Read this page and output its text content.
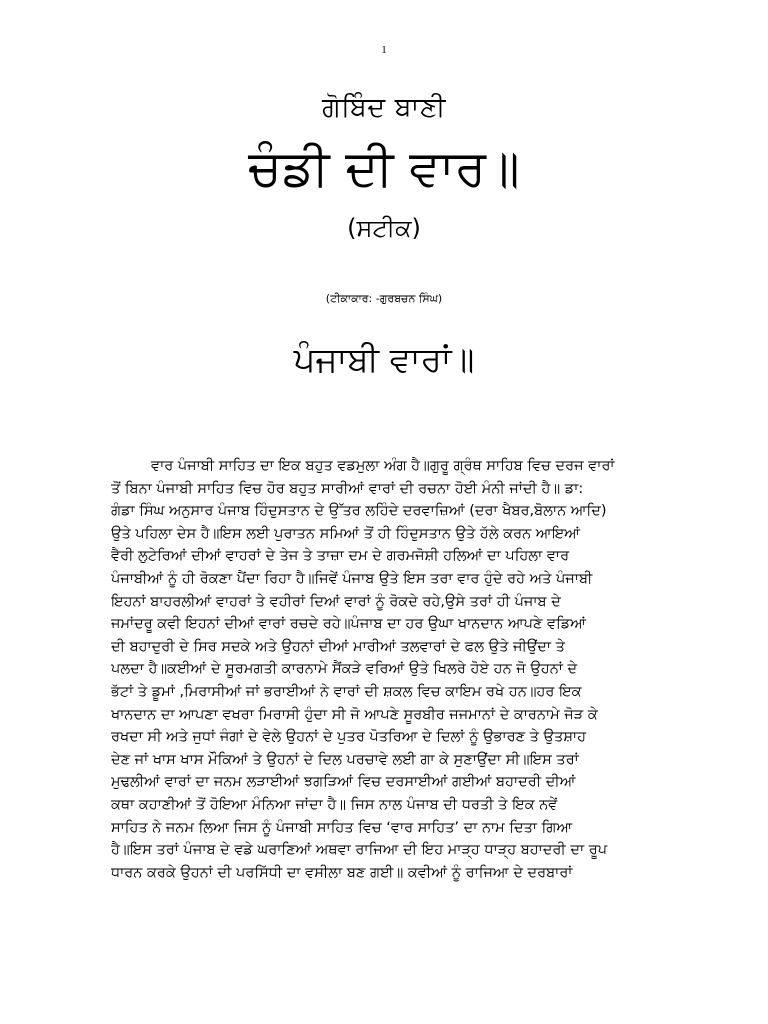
1
ਗੋਬਿੰਦ ਬਾਣੀ
ਚੰਡੀ ਦੀ ਵਾਰ॥
(ਸਟੀਕ)
(ਟੀਕਾਕਾਰ: -ਗੁਰਬਚਨ ਸਿੰਘ)
ਪੰਜਾਬੀ ਵਾਰਾਂ॥
ਵਾਰ ਪੰਜਾਬੀ ਸਾਹਿਤ ਦਾ ਇਕ ਬਹੁਤ ਵਡਮੁਲਾ ਅੰਗ ਹੈ॥ਗੁਰੂ ਗ੍ਰੰਥ ਸਾਹਿਬ ਵਿਚ ਦਰਜ ਵਾਰਾਂ
ਤੋਂ ਬਿਨਾ ਪੰਜਾਬੀ ਸਾਹਿਤ ਵਿਚ ਹੋਰ ਬਹੁਤ ਸਾਰੀਆਂ ਵਾਰਾਂ ਦੀ ਰਚਨਾ ਹੋਈ ਮੰਨੀ ਜਾਂਦੀ ਹੈ॥ ਡਾ:
ਗੰਡਾ ਸਿੰਘ ਅਨੁਸਾਰ ਪੰਜਾਬ ਹਿੰਦੁਸਤਾਨ ਦੇ ਉੱਤਰ ਲਹਿੰਦੇ ਦਰਵਾਜ਼ਿਆਂ (ਦਰਾ ਖੈਬਰ,ਬੋਲਾਨ ਆਦਿ)
ਉਤੇ ਪਹਿਲਾ ਦੇਸ ਹੈ॥ਇਸ ਲਈ ਪੁਰਾਤਨ ਸਮਿਆਂ ਤੋਂ ਹੀ ਹਿੰਦੁਸਤਾਨ ਉਤੇ ਹੱਲੇ ਕਰਨ ਆਇਆਂ
ਵੈਰੀ ਲੁਟੇਰਿਆਂ ਦੀਆਂ ਵਾਹਰਾਂ ਦੇ ਤੇਜ ਤੇ ਤਾਜ਼ਾ ਦਮ ਦੇ ਗਰਮਜੋਸ਼ੀ ਹਲਿਆਂ ਦਾ ਪਹਿਲਾ ਵਾਰ
ਪੰਜਾਬੀਆਂ ਨੂੰ ਹੀ ਰੋਕਣਾ ਪੈਂਦਾ ਰਿਹਾ ਹੈ॥ਜਿਵੇਂ ਪੰਜਾਬ ਉਤੇ ਇਸ ਤਰਾ ਵਾਰ ਹੁੰਦੇ ਰਹੇ ਅਤੇ ਪੰਜਾਬੀ
ਇਹਨਾਂ ਬਾਹਰਲੀਆਂ ਵਾਹਰਾਂ ਤੇ ਵਹੀਰਾਂ ਦਿਆਂ ਵਾਰਾਂ ਨੂੰ ਰੋਕਦੇ ਰਹੇ,ਉਸੇ ਤਰਾਂ ਹੀ ਪੰਜਾਬ ਦੇ
ਜਮਾਂਦਰੂ ਕਵੀ ਇਹਨਾਂ ਦੀਆਂ ਵਾਰਾਂ ਰਚਦੇ ਰਹੇ॥ਪੰਜਾਬ ਦਾ ਹਰ ਉਘਾ ਖਾਨਦਾਨ ਆਪਣੇ ਵਡਿਆਂ
ਦੀ ਬਹਾਦੁਰੀ ਦੇ ਸਿਰ ਸਦਕੇ ਅਤੇ ਉਹਨਾਂ ਦੀਆਂ ਮਾਰੀਆਂ ਤਲਵਾਰਾਂ ਦੇ ਫਲ ਉਤੇ ਜੀਉਂਦਾ ਤੇ
ਪਲਦਾ ਹੈ॥ਕਈਆਂ ਦੇ ਸੂਰਮਗਤੀ ਕਾਰਨਾਮੇ ਸੈਂਕੜੇ ਵਰਿਆਂ ਉਤੇ ਖਿਲਰੇ ਹੋਏ ਹਨ ਜੋ ਉਹਨਾਂ ਦੇ
ਭੱਟਾਂ ਤੇ ਡੂਮਾਂ ,ਮਿਰਾਸੀਆਂ ਜਾਂ ਭਰਾਈਆਂ ਨੇ ਵਾਰਾਂ ਦੀ ਸ਼ਕਲ ਵਿਚ ਕਾਇਮ ਰਖੇ ਹਨ॥ਹਰ ਇਕ
ਖਾਨਦਾਨ ਦਾ ਆਪਣਾ ਵਖਰਾ ਮਿਰਾਸੀ ਹੁੰਦਾ ਸੀ ਜੋ ਆਪਣੇ ਸੂਰਬੀਰ ਜਜਮਾਨਾਂ ਦੇ ਕਾਰਨਾਮੇ ਜੋੜ ਕੇ
ਰਖਦਾ ਸੀ ਅਤੇ ਜੁਧਾਂ ਜੰਗਾਂ ਦੇ ਵੇਲੇ ਉਹਨਾਂ ਦੇ ਪੁਤਰ ਪੋਤਰਿਆ ਦੇ ਦਿਲਾਂ ਨੂੰ ਉਭਾਰਣ ਤੇ ਉਤਸ਼ਾਹ
ਦੇਣ ਜਾਂ ਖਾਸ ਖਾਸ ਮੌਕਿਆਂ ਤੇ ਉਹਨਾਂ ਦੇ ਦਿਲ ਪਰਚਾਵੇ ਲਈ ਗਾ ਕੇ ਸੁਣਾਉਂਦਾ ਸੀ॥ਇਸ ਤਰਾਂ
ਮੁਢਲੀਆਂ ਵਾਰਾਂ ਦਾ ਜਨਮ ਲੜਾਈਆਂ ਝਗੜਿਆਂ ਵਿਚ ਦਰਸਾਈਆਂ ਗਈਆਂ ਬਹਾਦਰੀ ਦੀਆਂ
ਕਥਾ ਕਹਾਣੀਆਂ ਤੋਂ ਹੋਇਆ ਮੰਨਿਆ ਜਾਂਦਾ ਹੈ॥ ਜਿਸ ਨਾਲ ਪੰਜਾਬ ਦੀ ਧਰਤੀ ਤੇ ਇਕ ਨਵੇਂ
ਸਾਹਿਤ ਨੇ ਜਨਮ ਲਿਆ ਜਿਸ ਨੂੰ ਪੰਜਾਬੀ ਸਾਹਿਤ ਵਿਚ ‘ਵਾਰ ਸਾਹਿਤ’ ਦਾ ਨਾਮ ਦਿਤਾ ਗਿਆ
ਹੈ॥ਇਸ ਤਰਾਂ ਪੰਜਾਬ ਦੇ ਵਡੇ ਘਰਾਣਿਆਂ ਅਥਵਾ ਰਾਜਿਆ ਦੀ ਇਹ ਮਾੜ੍ਹ ਧਾੜ੍ਹ ਬਹਾਦਰੀ ਦਾ ਰੂਪ
ਧਾਰਨ ਕਰਕੇ ਉਹਨਾਂ ਦੀ ਪਰਸਿੱਧੀ ਦਾ ਵਸੀਲਾ ਬਣ ਗਈ॥ ਕਵੀਆਂ ਨੂੰ ਰਾਜਿਆ ਦੇ ਦਰਬਾਰਾਂ
